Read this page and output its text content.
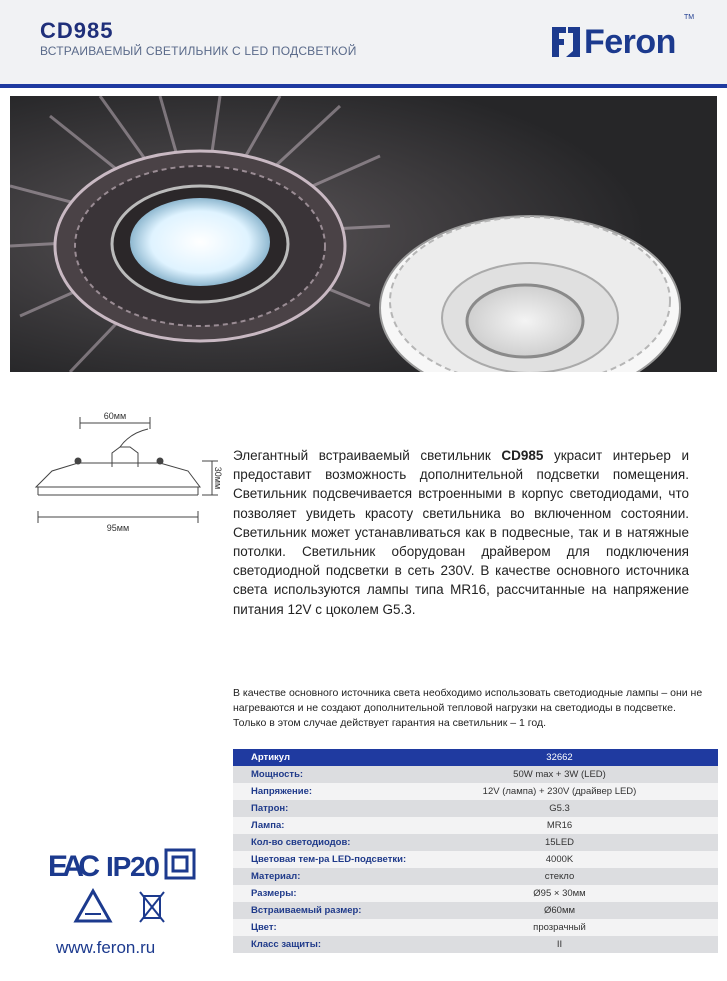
CD985
ВСТРАИВАЕМЫЙ СВЕТИЛЬНИК С LED ПОДСВЕТКОЙ	Feron
TM
60мм
30мм
95мм
Элегантный встраиваемый светильник CD985 украсит интерьер и предоставит возможность дополнительной подсветки помещения. Светильник подсвечивается встроенными в корпус светодиодами, что позволяет увидеть красоту светильника во включенном состоянии. Светильник может устанавливаться как в подвесные, так и в натяжные потолки. Светильник оборудован драйвером для подключения светодиодной подсветки в сеть 230V. В качестве основного источника света используются лампы типа MR16, рассчитанные на напряжение питания 12V с цоколем G5.3.
В качестве основного источника света необходимо использовать светодиодные лампы – они не нагреваются и не создают дополнительной тепловой нагрузки на светодиоды в подсветке. Только в этом случае действует гарантия на светильник – 1 год.
Артикул	32662
Мощность:	50W max + 3W (LED)
Напряжение:	12V (лампа) + 230V (драйвер LED)
Патрон:	G5.3
Лампа:	MR16
Кол-во светодиодов:	15LED
Цветовая тем-ра LED-подсветки:	4000K
Материал:	стекло
Размеры:	Ø95 × 30мм
Встраиваемый размер:	Ø60мм
Цвет:	прозрачный
Класс защиты:	II
EAC IP20
www.feron.ru
